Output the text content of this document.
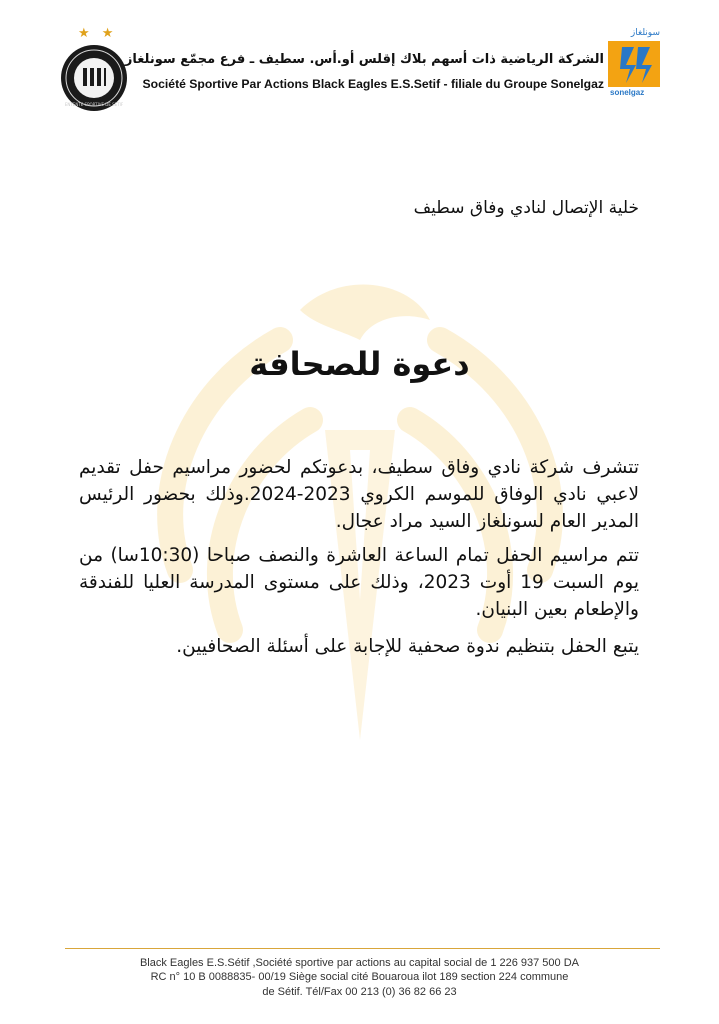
★ ★
ENTENTE SPORTIVE DE SETIF
الشركة الرياضية ذات أسهم بلاك إقلس أو.أس. سطيف ـ فرع مجمّع سونلغاز
Société Sportive Par Actions Black Eagles E.S.Setif - filiale du Groupe Sonelgaz
سونلغاز
sonelgaz
خلية الإتصال لنادي وفاق سطيف
دعوة للصحافة

تتشرف شركة نادي وفاق سطيف، بدعوتكم لحضور مراسيم حفل تقديم لاعبي نادي الوفاق للموسم الكروي 2023-2024.وذلك بحضور الرئيس المدير العام لسونلغاز السيد مراد عجال.

تتم مراسيم الحفل تمام الساعة العاشرة والنصف صباحا (10:30سا) من يوم السبت 19 أوت 2023، وذلك على مستوى المدرسة العليا للفندقة والإطعام بعين البنيان.

يتبع الحفل بتنظيم ندوة صحفية للإجابة على أسئلة الصحافيين.

Black Eagles E.S.Sétif ,Société sportive par actions au capital social de 1 226 937 500 DA
RC n° 10 B 0088835- 00/19 Siège social cité Bouaroua ilot 189 section 224 commune
de Sétif. Tél/Fax 00 213 (0) 36 82 66 23
